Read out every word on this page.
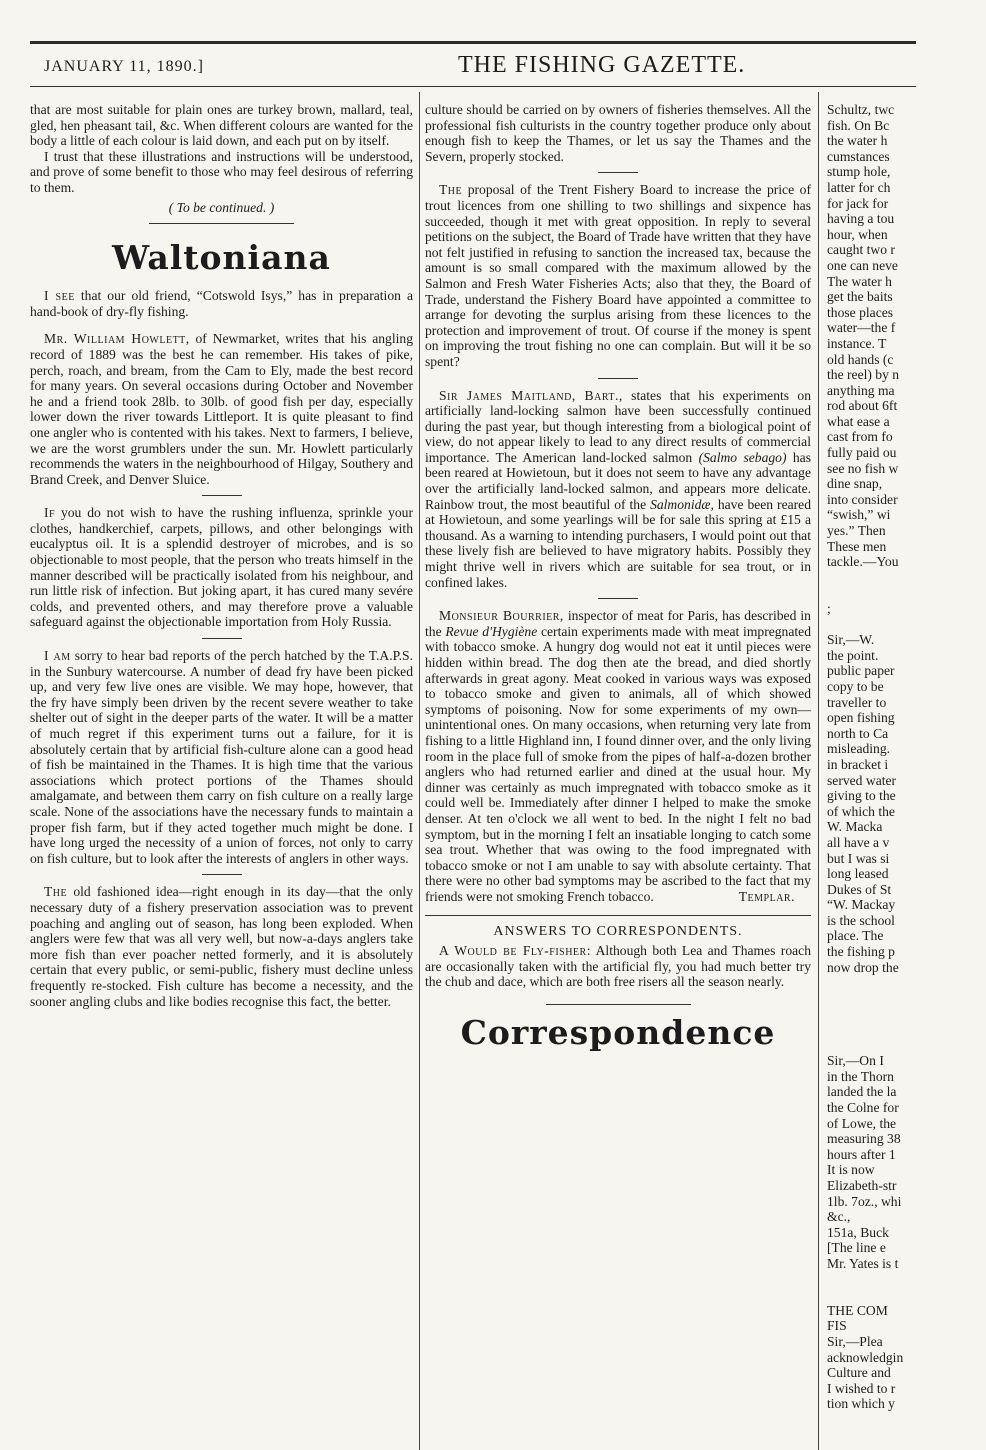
JANUARY 11, 1890.]	THE FISHING GAZETTE.

that are most suitable for plain ones are turkey brown, mallard, teal, gled, hen pheasant tail, &c. When different colours are wanted for the body a little of each colour is laid down, and each put on by itself.

I trust that these illustrations and instructions will be understood, and prove of some benefit to those who may feel desirous of referring to them.

( To be continued. )

Waltoniana

I see that our old friend, “Cotswold Isys,” has in preparation a hand-book of dry-fly fishing.

Mr. William Howlett, of Newmarket, writes that his angling record of 1889 was the best he can remember. His takes of pike, perch, roach, and bream, from the Cam to Ely, made the best record for many years. On several occasions during October and November he and a friend took 28lb. to 30lb. of good fish per day, especially lower down the river towards Littleport. It is quite pleasant to find one angler who is contented with his takes. Next to farmers, I believe, we are the worst grumblers under the sun. Mr. Howlett particularly recommends the waters in the neighbourhood of Hilgay, Southery and Brand Creek, and Denver Sluice.

If you do not wish to have the rushing influenza, sprinkle your clothes, handkerchief, carpets, pillows, and other belongings with eucalyptus oil. It is a splendid destroyer of microbes, and is so objectionable to most people, that the person who treats himself in the manner described will be practically isolated from his neighbour, and run little risk of infection. But joking apart, it has cured many sevére colds, and prevented others, and may therefore prove a valuable safeguard against the objectionable importation from Holy Russia.

I am sorry to hear bad reports of the perch hatched by the T.A.P.S. in the Sunbury watercourse. A number of dead fry have been picked up, and very few live ones are visible. We may hope, however, that the fry have simply been driven by the recent severe weather to take shelter out of sight in the deeper parts of the water. It will be a matter of much regret if this experiment turns out a failure, for it is absolutely certain that by artificial fish-culture alone can a good head of fish be maintained in the Thames. It is high time that the various associations which protect portions of the Thames should amalgamate, and between them carry on fish culture on a really large scale. None of the associations have the necessary funds to maintain a proper fish farm, but if they acted together much might be done. I have long urged the necessity of a union of forces, not only to carry on fish culture, but to look after the interests of anglers in other ways.

The old fashioned idea—right enough in its day—that the only necessary duty of a fishery preservation association was to prevent poaching and angling out of season, has long been exploded. When anglers were few that was all very well, but now-a-days anglers take more fish than ever poacher netted formerly, and it is absolutely certain that every public, or semi-public, fishery must decline unless frequently re-stocked. Fish culture has become a necessity, and the sooner angling clubs and like bodies recognise this fact, the better.

culture should be carried on by owners of fisheries themselves. All the professional fish culturists in the country together produce only about enough fish to keep the Thames, or let us say the Thames and the Severn, properly stocked.

The proposal of the Trent Fishery Board to increase the price of trout licences from one shilling to two shillings and sixpence has succeeded, though it met with great opposition. In reply to several petitions on the subject, the Board of Trade have written that they have not felt justified in refusing to sanction the increased tax, because the amount is so small compared with the maximum allowed by the Salmon and Fresh Water Fisheries Acts; also that they, the Board of Trade, understand the Fishery Board have appointed a committee to arrange for devoting the surplus arising from these licences to the protection and improvement of trout. Of course if the money is spent on improving the trout fishing no one can complain. But will it be so spent?

Sir James Maitland, Bart., states that his experiments on artificially land-locking salmon have been successfully continued during the past year, but though interesting from a biological point of view, do not appear likely to lead to any direct results of commercial importance. The American land-locked salmon (Salmo sebago) has been reared at Howietoun, but it does not seem to have any advantage over the artificially land-locked salmon, and appears more delicate. Rainbow trout, the most beautiful of the Salmonidæ, have been reared at Howietoun, and some yearlings will be for sale this spring at £15 a thousand. As a warning to intending purchasers, I would point out that these lively fish are believed to have migratory habits. Possibly they might thrive well in rivers which are suitable for sea trout, or in confined lakes.

Monsieur Bourrier, inspector of meat for Paris, has described in the Revue d'Hygiène certain experiments made with meat impregnated with tobacco smoke. A hungry dog would not eat it until pieces were hidden within bread. The dog then ate the bread, and died shortly afterwards in great agony. Meat cooked in various ways was exposed to tobacco smoke and given to animals, all of which showed symptoms of poisoning. Now for some experiments of my own—unintentional ones. On many occasions, when returning very late from fishing to a little Highland inn, I found dinner over, and the only living room in the place full of smoke from the pipes of half-a-dozen brother anglers who had returned earlier and dined at the usual hour. My dinner was certainly as much impregnated with tobacco smoke as it could well be. Immediately after dinner I helped to make the smoke denser. At ten o'clock we all went to bed. In the night I felt no bad symptom, but in the morning I felt an insatiable longing to catch some sea trout. Whether that was owing to the food impregnated with tobacco smoke or not I am unable to say with absolute certainty. That there were no other bad symptoms may be ascribed to the fact that my friends were not smoking French tobacco.	Templar.

ANSWERS TO CORRESPONDENTS.

A Would be Fly-fisher: Although both Lea and Thames roach are occasionally taken with the artificial fly, you had much better try the chub and dace, which are both free risers all the season nearly.

Correspondence
Schultz, twc
fish. On Bc
the water h
cumstances
stump hole,
latter for ch
for jack for
having a tou
hour, when
caught two r
one can neve
The water h
get the baits
those places
water—the f
instance. T
old hands (c
the reel) by n
anything ma
rod about 6ft
what ease a
cast from fo
fully paid ou
see no fish w
dine snap,
into consider
“swish,” wi
yes.” Then
These men
tackle.—You
;
Sir,—W.
the point.
public paper
copy to be
traveller to
open fishing
north to Ca
misleading.
in bracket i
served water
giving to the
of which the
W. Macka
all have a v
but I was si
long leased
Dukes of St
“W. Mackay
is the school
place. The
the fishing p
now drop the
Sir,—On I
in the Thorn
landed the la
the Colne for
of Lowe, the
measuring 38
hours after 1
It is now
Elizabeth-str
1lb. 7oz., whi
&c.,
151a, Buck
[The line e
Mr. Yates is t
THE COM
FIS
Sir,—Plea
acknowledgin
Culture and
I wished to r
tion which y
